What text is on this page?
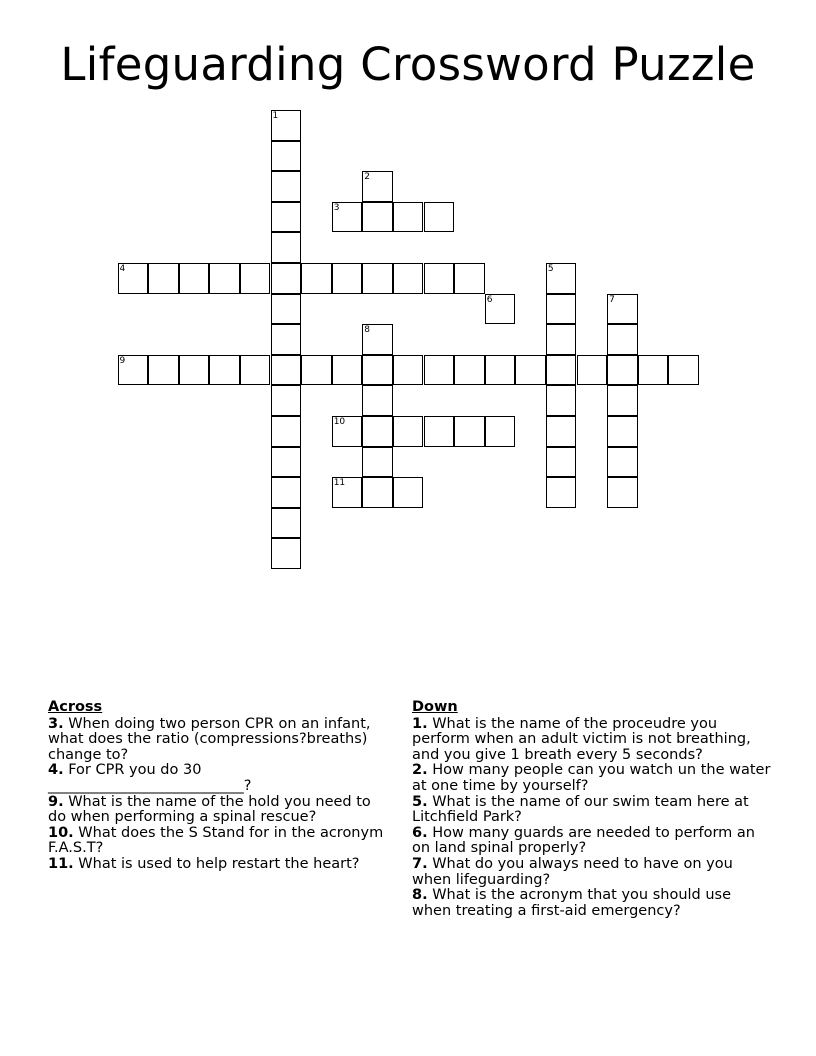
Lifeguarding Crossword Puzzle
1
2
3
4	5
6	7
8
9
10
11
Across
3. When doing two person CPR on an infant, what does the ratio (compressions?breaths) change to?
4. For CPR you do 30 ___________________________?
9. What is the name of the hold you need to do when performing a spinal rescue?
10. What does the S Stand for in the acronym F.A.S.T?
11. What is used to help restart the heart?
Down
1. What is the name of the proceudre you perform when an adult victim is not breathing, and you give 1 breath every 5 seconds?
2. How many people can you watch un the water at one time by yourself?
5. What is the name of our swim team here at Litchfield Park?
6. How many guards are needed to perform an on land spinal properly?
7. What do you always need to have on you when lifeguarding?
8. What is the acronym that you should use when treating a first-aid emergency?
